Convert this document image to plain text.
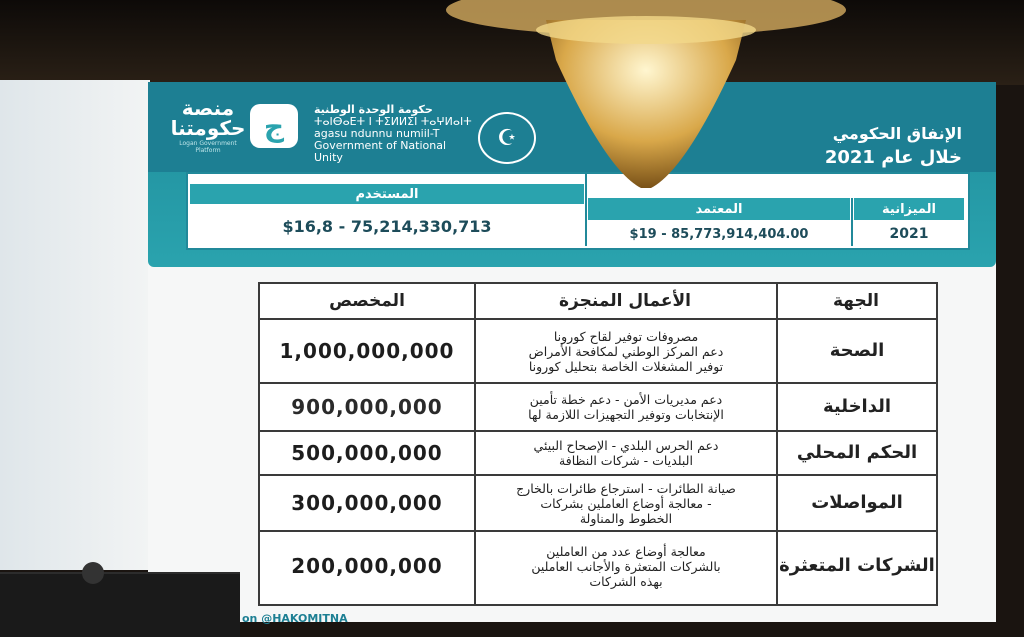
ج
منصة حكومتنا
Logan Government Platform
حكومة الوحدة الوطنية
ⵜⴰⵏⴱⴰⴹⵜ ⵏ ⵜⵉⵍⵍⵉⵏ ⵜⴰⵖⵍⴰⵏⵜ
agasu ndunnu numiil-T
Government of National Unity
☪	الإنفاق الحكومي
خلال عام 2021
الميزانية
2021
المعتمد
$19 - 85,773,914,404.00
المستخدم
$16,8 - 75,214,330,713
الجهة
الأعمال المنجزة
المخصص
الصحة
مصروفات توفير لقاح كورونا
دعم المركز الوطني لمكافحة الأمراض
توفير المشغلات الخاصة بتحليل كورونا
1,000,000,000
الداخلية
دعم مديريات الأمن - دعم خطة تأمين
الإنتخابات وتوفير التجهيزات اللازمة لها
900,000,000
الحكم المحلي
دعم الحرس البلدي - الإصحاح البيئي
البلديات - شركات النظافة
500,000,000
المواصلات
صيانة الطائرات - استرجاع طائرات بالخارج
- معالجة أوضاع العاملين بشركات
الخطوط والمناولة
300,000,000
الشركات المتعثرة
معالجة أوضاع عدد من العاملين
بالشركات المتعثرة والأجانب العاملين
بهذه الشركات
200,000,000
on @HAKOMITNA
